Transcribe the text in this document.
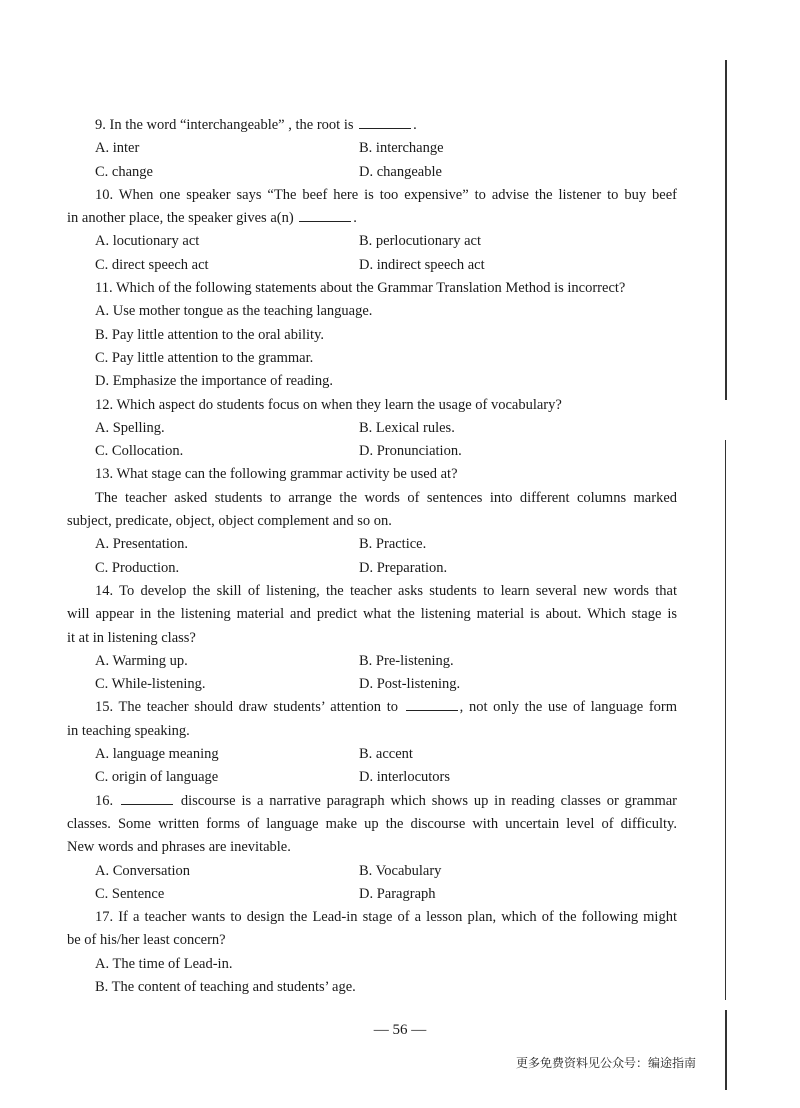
9. In the word “interchangeable” , the root is	.
A. inter	B. interchange
C. change	D. changeable
10. When one speaker says “The beef here is too expensive” to advise the listener to buy beef
in another place, the speaker gives a(n)	.
A. locutionary act	B. perlocutionary act
C. direct speech act	D. indirect speech act
11. Which of the following statements about the Grammar Translation Method is incorrect?
A. Use mother tongue as the teaching language.
B. Pay little attention to the oral ability.
C. Pay little attention to the grammar.
D. Emphasize the importance of reading.
12. Which aspect do students focus on when they learn the usage of vocabulary?
A. Spelling.	B. Lexical rules.
C. Collocation.	D. Pronunciation.
13. What stage can the following grammar activity be used at?
The teacher asked students to arrange the words of sentences into different columns marked
subject, predicate, object, object complement and so on.
A. Presentation.	B. Practice.
C. Production.	D. Preparation.
14. To develop the skill of listening, the teacher asks students to learn several new words that
will appear in the listening material and predict what the listening material is about. Which stage is
it at in listening class?
A. Warming up.	B. Pre-listening.
C. While-listening.	D. Post-listening.
15. The teacher should draw students’ attention to	, not only the use of language form
in teaching speaking.
A. language meaning	B. accent
C. origin of language	D. interlocutors
16.	discourse is a narrative paragraph which shows up in reading classes or grammar
classes. Some written forms of language make up the discourse with uncertain level of difficulty.
New words and phrases are inevitable.
A. Conversation	B. Vocabulary
C. Sentence	D. Paragraph
17. If a teacher wants to design the Lead-in stage of a lesson plan, which of the following might
be of his/her least concern?
A. The time of Lead-in.
B. The content of teaching and students’ age.
— 56 —
更多免费资料见公众号：编途指南
